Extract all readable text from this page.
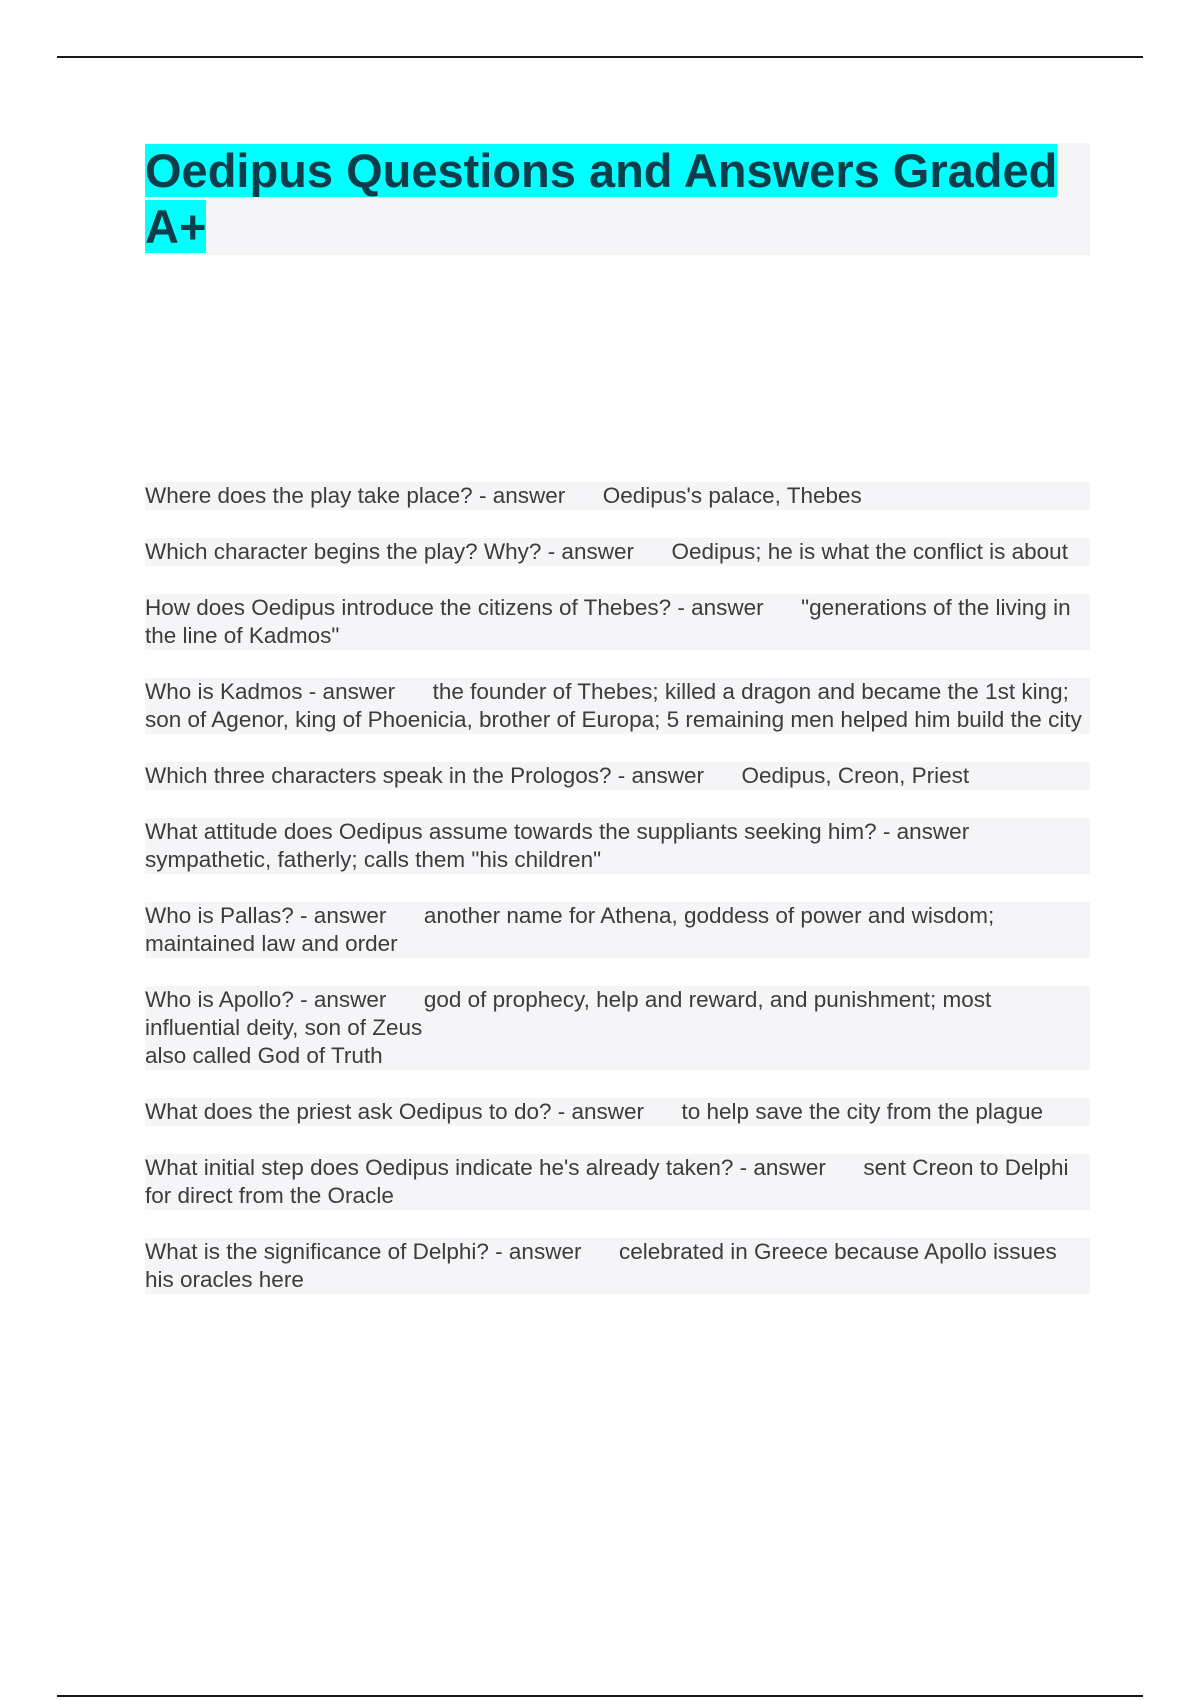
Oedipus Questions and Answers Graded
A+

Where does the play take place? - answer      Oedipus's palace, Thebes

Which character begins the play? Why? - answer      Oedipus; he is what the conflict is about

How does Oedipus introduce the citizens of Thebes? - answer      "generations of the living in the line of Kadmos"

Who is Kadmos - answer      the founder of Thebes; killed a dragon and became the 1st king; son of Agenor, king of Phoenicia, brother of Europa; 5 remaining men helped him build the city

Which three characters speak in the Prologos? - answer      Oedipus, Creon, Priest

What attitude does Oedipus assume towards the suppliants seeking him? - answer sympathetic, fatherly; calls them "his children"

Who is Pallas? - answer      another name for Athena, goddess of power and wisdom; maintained law and order

Who is Apollo? - answer      god of prophecy, help and reward, and punishment; most influential deity, son of Zeus
also called God of Truth

What does the priest ask Oedipus to do? - answer      to help save the city from the plague

What initial step does Oedipus indicate he's already taken? - answer      sent Creon to Delphi for direct from the Oracle

What is the significance of Delphi? - answer      celebrated in Greece because Apollo issues his oracles here
